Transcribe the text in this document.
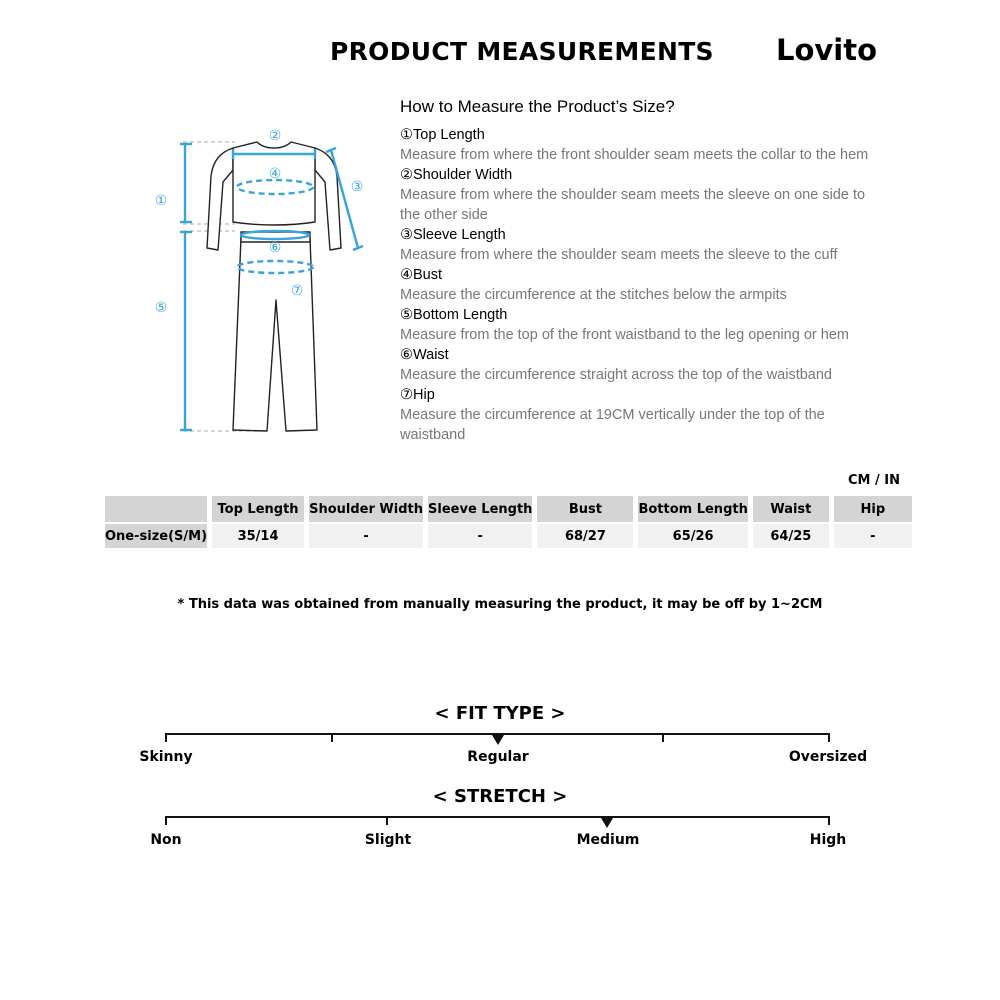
PRODUCT MEASUREMENTS Lovito
①
②
③
④
⑤
⑥
⑦
How to Measure the Product’s Size?
①Top Length
Measure from where the front shoulder seam meets the collar to the hem
②Shoulder Width
Measure from where the shoulder seam meets the sleeve on one side to the other side
③Sleeve Length
Measure from where the shoulder seam meets the sleeve to the cuff
④Bust
Measure the circumference at the stitches below the armpits
⑤Bottom Length
Measure from the top of the front waistband to the leg opening or hem
⑥Waist
Measure the circumference straight across the top of the waistband
⑦Hip
Measure the circumference at 19CM vertically under the top of the waistband
CM / IN
	Top Length	Shoulder Width	Sleeve Length	Bust	Bottom Length	Waist	Hip
One-size(S/M)	35/14	-	-	68/27	65/26	64/25	-
* This data was obtained from manually measuring the product, it may be off by 1~2CM
< FIT TYPE >
Skinny	Regular	Oversized
< STRETCH >
Non	Slight	Medium	High
